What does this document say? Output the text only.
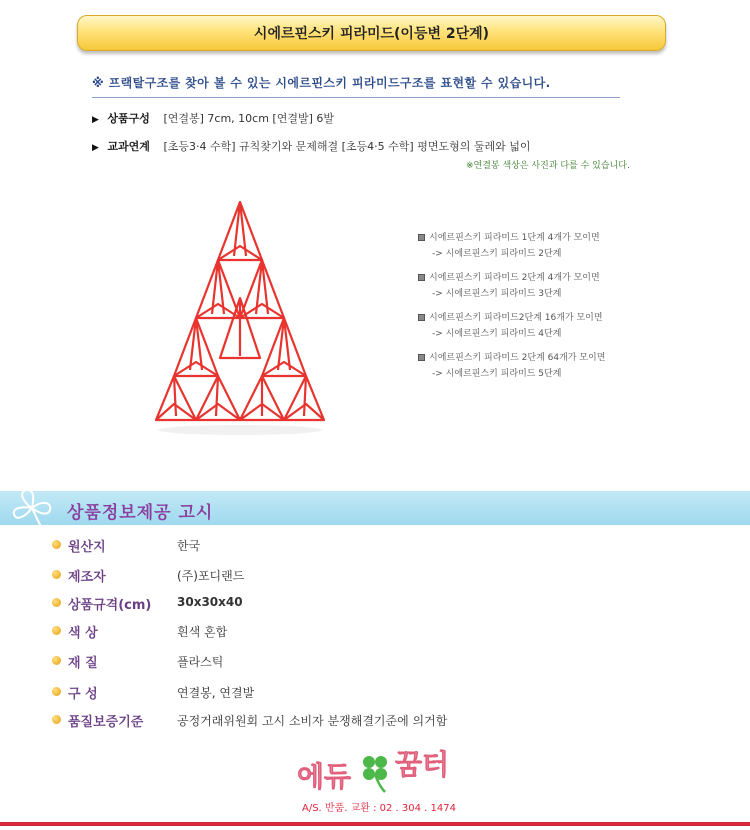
시에르핀스키 피라미드(이등변 2단계)
※ 프랙탈구조를 찾아 볼 수 있는 시에르핀스키 피라미드구조를 표현할 수 있습니다.
▶ 상품구성 [연결봉] 7cm, 10cm [연결발] 6발
▶ 교과연계 [초등3·4 수학] 규칙찾기와 문제해결 [초등4·5 수학] 평면도형의 둘레와 넓이
※연결봉 색상은 사진과 다를 수 있습니다.
시에르핀스키 피라미드 1단계 4개가 모이면
-> 시에르핀스키 피라미드 2단계
시에르핀스키 피라미드 2단계 4개가 모이면
-> 시에르핀스키 피라미드 3단계
시에르핀스키 피라미드2단계 16개가 모이면
-> 시에르핀스키 피라미드 4단계
시에르핀스키 피라미드 2단계 64개가 모이면
-> 시에르핀스키 피라미드 5단계
상품정보제공 고시
원산지	한국
제조자	(주)포디랜드
상품규격(cm) 30x30x40
색 상	흰색 혼합
재 질	플라스틱
구 성	연결봉, 연결발
품질보증기준	공정거래위원회 고시 소비자 분쟁해결기준에 의거함
에듀 꿈터
A/S. 반품. 교환 : 02 . 304 . 1474
